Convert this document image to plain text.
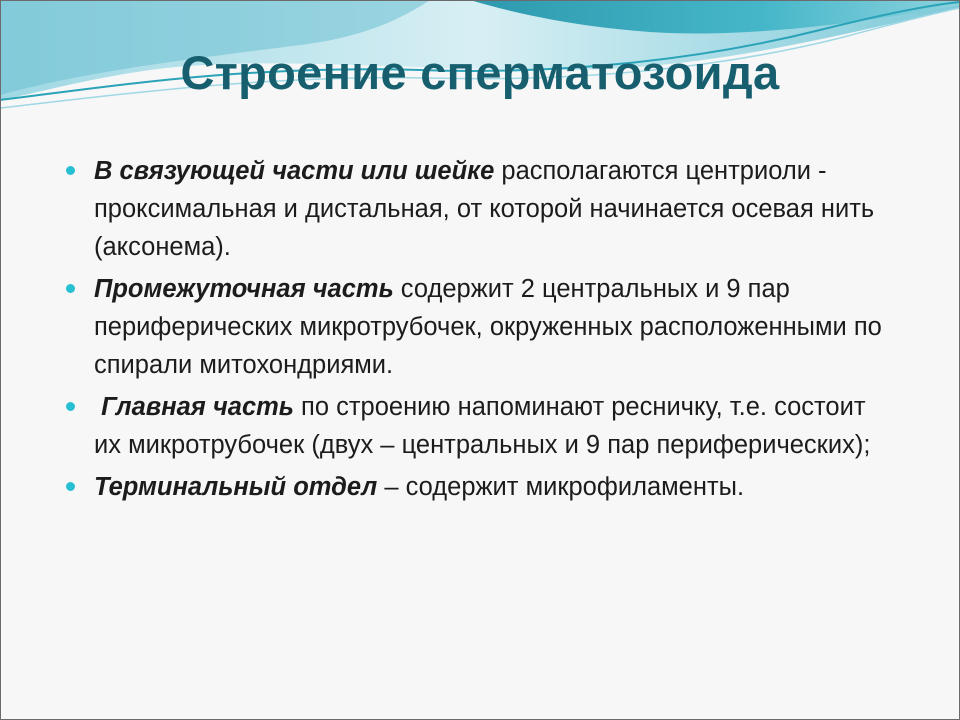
Строение сперматозоида
В связующей части или шейке располагаются центриоли - проксимальная и дистальная, от которой начинается осевая нить (аксонема).
Промежуточная часть содержит 2 центральных и 9 пар периферических микротрубочек, окруженных расположенными по спирали митохондриями.
Главная часть по строению напоминают ресничку, т.е. состоит их микротрубочек (двух – центральных и 9 пар периферических);
Терминальный отдел – содержит микрофиламенты.
